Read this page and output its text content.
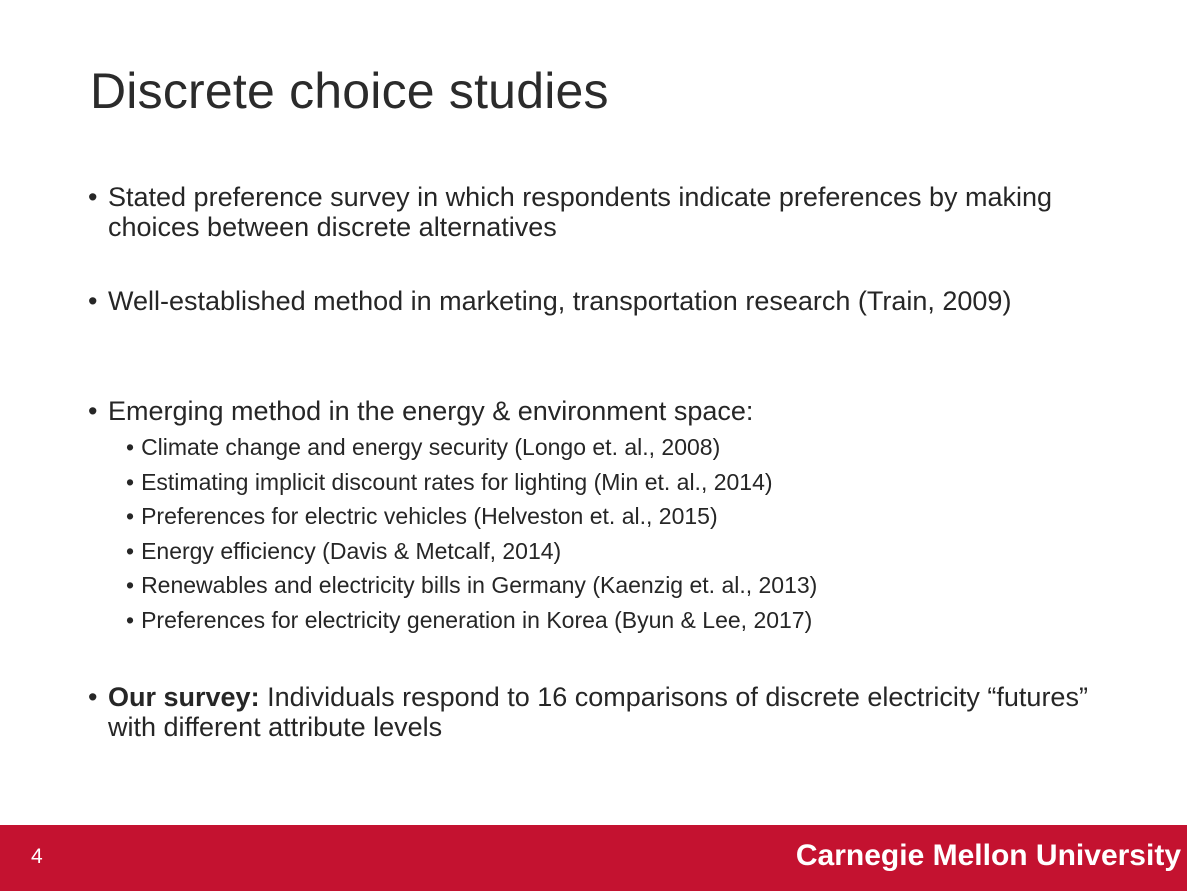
Discrete choice studies
• Stated preference survey in which respondents indicate preferences by making choices between discrete alternatives
• Well-established method in marketing, transportation research (Train, 2009)
• Emerging method in the energy & environment space:
• Climate change and energy security (Longo et. al., 2008)
• Estimating implicit discount rates for lighting (Min et. al., 2014)
• Preferences for electric vehicles (Helveston et. al., 2015)
• Energy efficiency (Davis & Metcalf, 2014)
• Renewables and electricity bills in Germany (Kaenzig et. al., 2013)
• Preferences for electricity generation in Korea (Byun & Lee, 2017)
• Our survey: Individuals respond to 16 comparisons of discrete electricity “futures” with different attribute levels
4	Carnegie Mellon University
